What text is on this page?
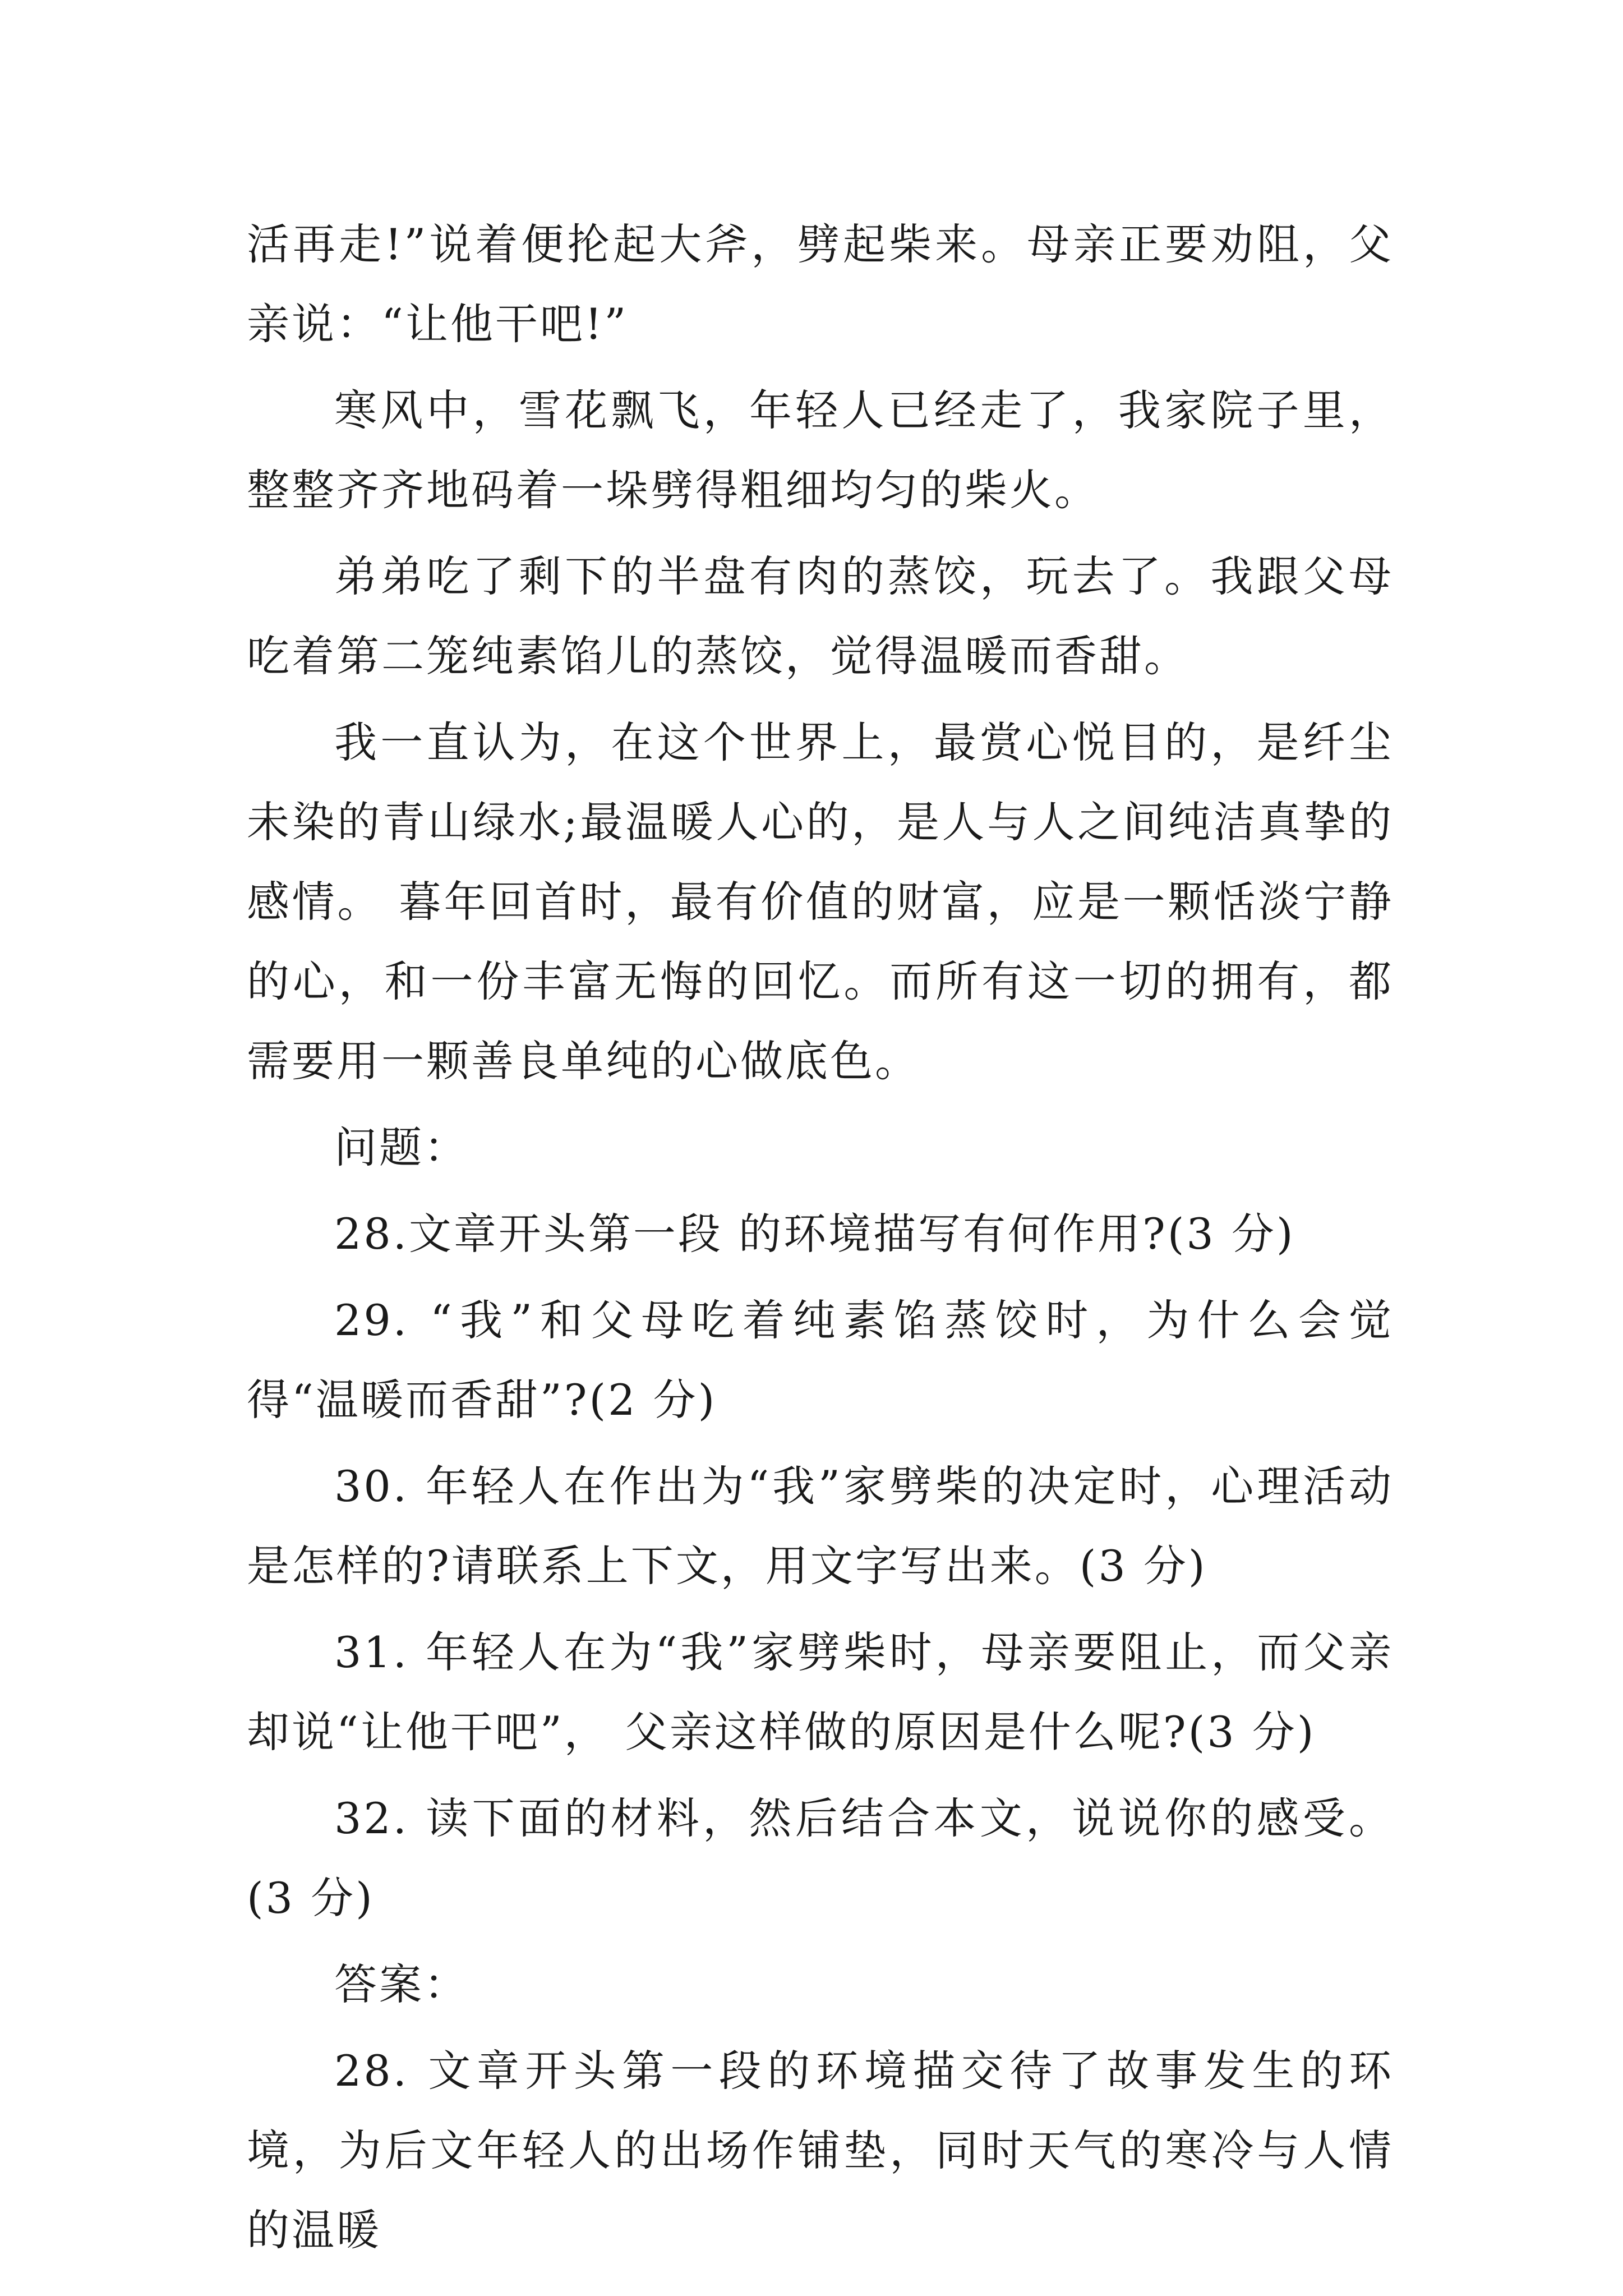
活再走!”说着便抡起大斧，劈起柴来。母亲正要劝阻，父亲说：“让他干吧!”

寒风中，雪花飘飞，年轻人已经走了，我家院子里，整整齐齐地码着一垛劈得粗细均匀的柴火。

弟弟吃了剩下的半盘有肉的蒸饺，玩去了。我跟父母吃着第二笼纯素馅儿的蒸饺，觉得温暖而香甜。

我一直认为，在这个世界上，最赏心悦目的，是纤尘未染的青山绿水;最温暖人心的，是人与人之间纯洁真挚的感情。 暮年回首时，最有价值的财富，应是一颗恬淡宁静的心，和一份丰富无悔的回忆。而所有这一切的拥有，都需要用一颗善良单纯的心做底色。

问题：

28.文章开头第一段 的环境描写有何作用?(3 分)

29. “我”和父母吃着纯素馅蒸饺时，为什么会觉得“温暖而香甜”?(2 分)

30. 年轻人在作出为“我”家劈柴的决定时，心理活动是怎样的?请联系上下文，用文字写出来。(3 分)

31. 年轻人在为“我”家劈柴时，母亲要阻止，而父亲却说“让他干吧”， 父亲这样做的原因是什么呢?(3 分)

32. 读下面的材料，然后结合本文，说说你的感受。(3 分)

答案：

28. 文章开头第一段的环境描交待了故事发生的环境，为后文年轻人的出场作铺垫，同时天气的寒冷与人情的温暖
